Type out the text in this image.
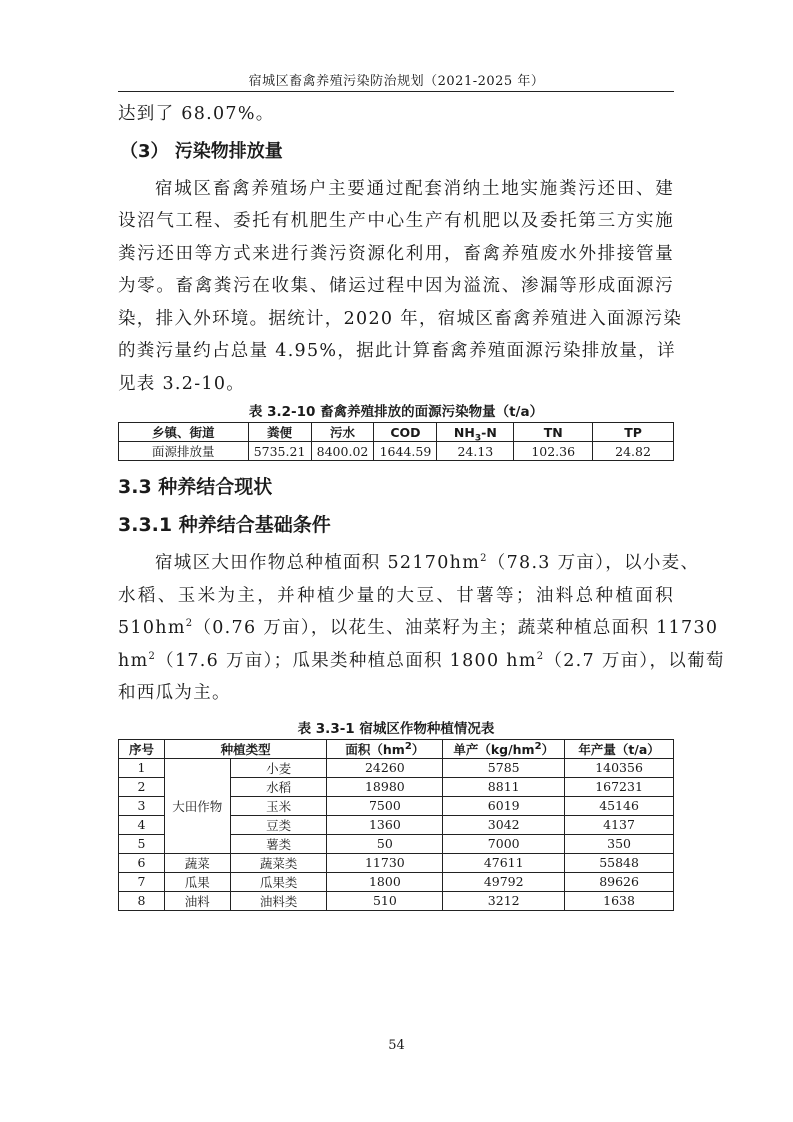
宿城区畜禽养殖污染防治规划（2021-2025 年）

达到了 68.07%。

（3） 污染物排放量

宿城区畜禽养殖场户主要通过配套消纳土地实施粪污还田、建

设沼气工程、委托有机肥生产中心生产有机肥以及委托第三方实施

粪污还田等方式来进行粪污资源化利用，畜禽养殖废水外排接管量

为零。畜禽粪污在收集、储运过程中因为溢流、渗漏等形成面源污

染，排入外环境。据统计，2020 年，宿城区畜禽养殖进入面源污染

的粪污量约占总量 4.95%，据此计算畜禽养殖面源污染排放量，详

见表 3.2-10。

表 3.2-10 畜禽养殖排放的面源污染物量（t/a）
乡镇、街道	粪便	污水	COD	$NH_3-N$	TN	TP
面源排放量	5735.21	8400.02	1644.59	24.13	102.36	24.82
3.3 种养结合现状
3.3.1 种养结合基础条件

宿城区大田作物总种植面积 $52170hm^2(78.3$ 万亩），以小麦、

水稻、玉米为主，并种植少量的大豆、甘薯等；油料总种植面积

$510hm^2(0.76$ 万亩），以花生、油菜籽为主；蔬菜种植总面积 11730

$hm^2(17.6$ 万亩）；瓜果类种植总面积 1800 $hm^2(2.7$ 万亩），以葡萄

和西瓜为主。

表 3.3-1 宿城区作物种植情况表
序号	种植类型		面积$(hm^2)$	单产$(kg/hm^2)$	年产量（t/a）
1	大田作物	小麦	24260	5785	140356
2		水稻	18980	8811	167231
3		玉米	7500	6019	45146
4		豆类	1360	3042	4137
5		薯类	50	7000	350
6	蔬菜	蔬菜类	11730	47611	55848
7	瓜果	瓜果类	1800	49792	89626
8	油料	油料类	510	3212	1638
54
